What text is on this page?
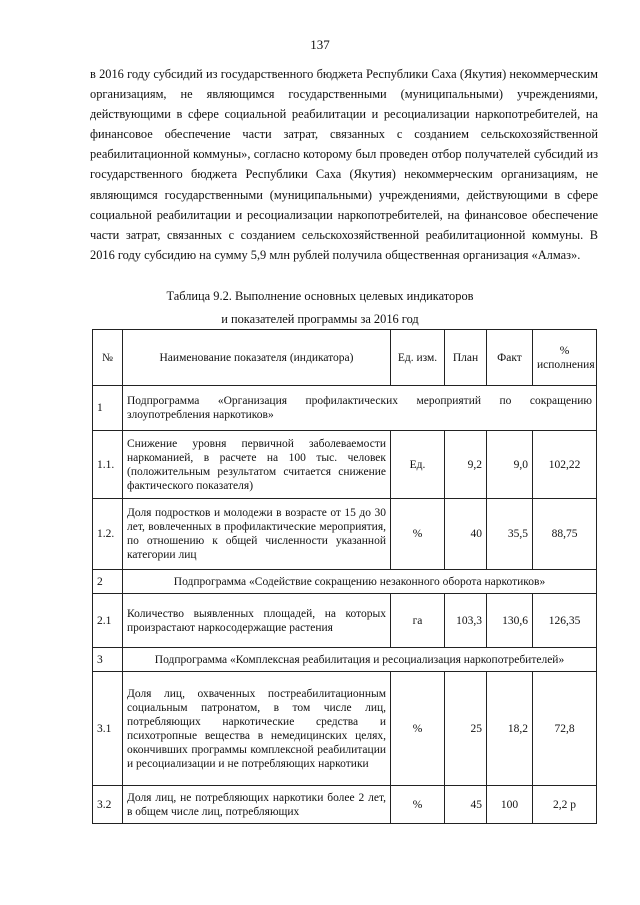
137

в 2016 году субсидий из государственного бюджета Республики Саха (Якутия) некоммерческим организациям, не являющимся государственными (муниципальными) учреждениями, действующими в сфере социальной реабилитации и ресоциализации наркопотребителей, на финансовое обеспечение части затрат, связанных с созданием сельскохозяйственной реабилитационной коммуны», согласно которому был проведен отбор получателей субсидий из государственного бюджета Республики Саха (Якутия) некоммерческим организациям, не являющимся государственными (муниципальными) учреждениями, действующими в сфере социальной реабилитации и ресоциализации наркопотребителей, на финансовое обеспечение части затрат, связанных с созданием сельскохозяйственной реабилитационной коммуны. В 2016 году субсидию на сумму 5,9 млн рублей получила общественная организация «Алмаз».

Таблица 9.2. Выполнение основных целевых индикаторов
и показателей программы за 2016 год
№	Наименование показателя (индикатора)	Ед. изм.	План	Факт	% исполнения
1	Подпрограмма «Организация профилактических мероприятий по сокращению злоупотребления наркотиков»				
1.1.	Снижение уровня первичной заболеваемости наркоманией, в расчете на 100 тыс. человек (положительным результатом считается снижение фактического показателя)	Ед.	9,2	9,0	102,22
1.2.	Доля подростков и молодежи в возрасте от 15 до 30 лет, вовлеченных в профилактические мероприятия, по отношению к общей численности указанной категории лиц	%	40	35,5	88,75
2	Подпрограмма «Содействие сокращению незаконного оборота наркотиков»				
2.1	Количество выявленных площадей, на которых произрастают наркосодержащие растения	га	103,3	130,6	126,35
3	Подпрограмма «Комплексная реабилитация и ресоциализация наркопотребителей»				
3.1	Доля лиц, охваченных постреабилитационным социальным патронатом, в том числе лиц, потребляющих наркотические средства и психотропные вещества в немедицинских целях, окончивших программы комплексной реабилитации и ресоциализации и не потребляющих наркотики	%	25	18,2	72,8
3.2	Доля лиц, не потребляющих наркотики более 2 лет, в общем числе лиц, потребляющих	%	45	100	2,2 р
